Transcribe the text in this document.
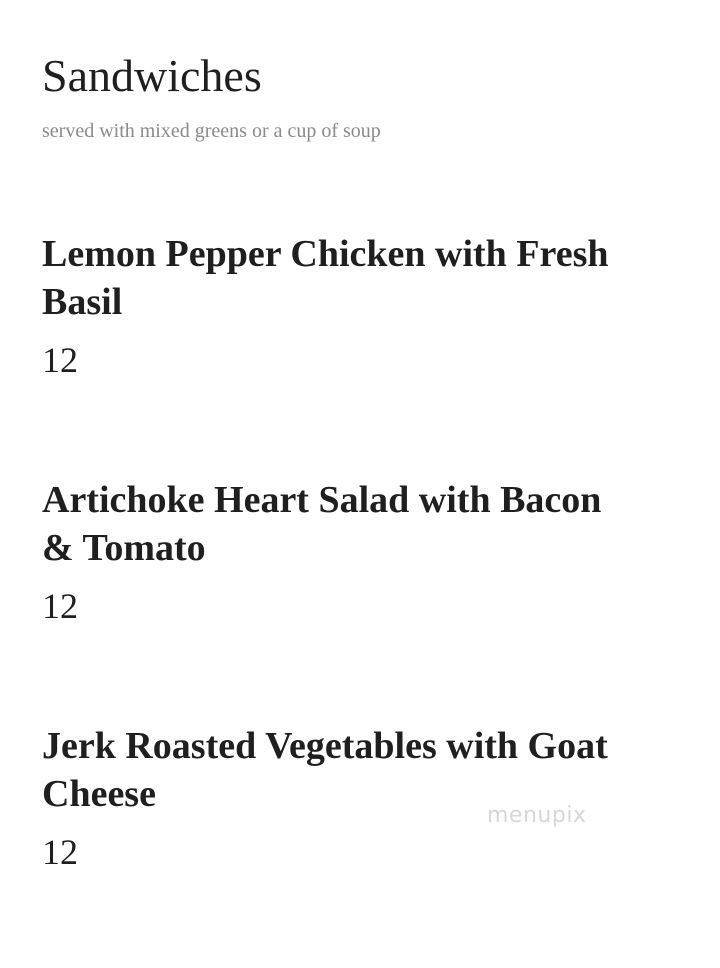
Sandwiches
served with mixed greens or a cup of soup
Lemon Pepper Chicken with Fresh Basil
12
Artichoke Heart Salad with Bacon & Tomato
12
Jerk Roasted Vegetables with Goat Cheese
12
menupix
